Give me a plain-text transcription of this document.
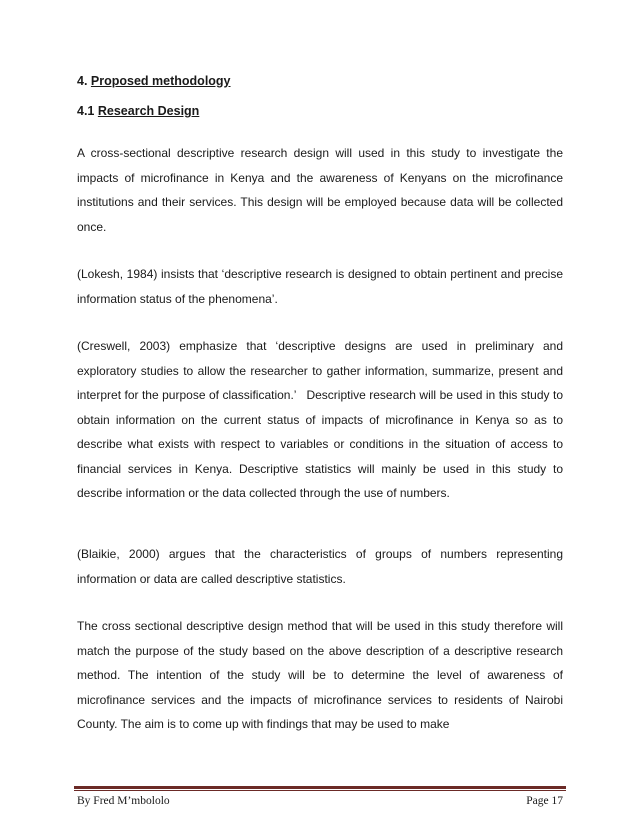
4. Proposed methodology
4.1 Research Design

A cross-sectional descriptive research design will used in this study to investigate the impacts of microfinance in Kenya and the awareness of Kenyans on the microfinance institutions and their services. This design will be employed because data will be collected once.

(Lokesh, 1984) insists that ‘descriptive research is designed to obtain pertinent and precise information status of the phenomena’.

(Creswell, 2003) emphasize that ‘descriptive designs are used in preliminary and exploratory studies to allow the researcher to gather information, summarize, present and interpret for the purpose of classification.’   Descriptive research will be used in this study to obtain information on the current status of impacts of microfinance in Kenya so as to describe what exists with respect to variables or conditions in the situation of access to financial services in Kenya. Descriptive statistics will mainly be used in this study to describe information or the data collected through the use of numbers.

(Blaikie, 2000) argues that the characteristics of groups of numbers representing information or data are called descriptive statistics.

The cross sectional descriptive design method that will be used in this study therefore will match the purpose of the study based on the above description of a descriptive research method. The intention of the study will be to determine the level of awareness of microfinance services and the impacts of microfinance services to residents of Nairobi County. The aim is to come up with findings that may be used to make

By Fred M’mbololo	Page 17
